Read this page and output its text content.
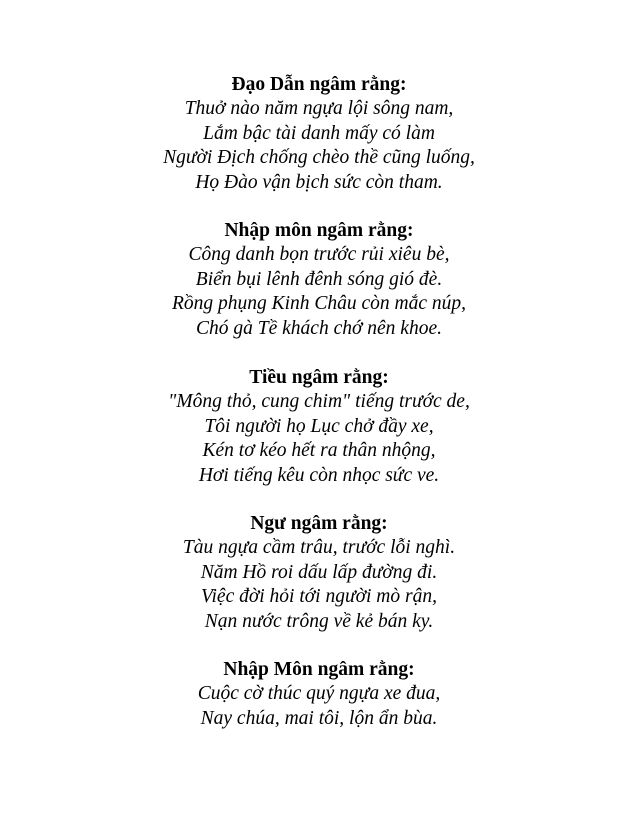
Đạo Dẫn ngâm rằng:

Thuở nào năm ngựa lội sông nam,

Lắm bậc tài danh mấy có làm

Người Địch chống chèo thề cũng luống,

Họ Đào vận bịch sức còn tham.

Nhập môn ngâm rằng:

Công danh bọn trước rủi xiêu bè,

Biển bụi lênh đênh sóng gió đè.

Rồng phụng Kinh Châu còn mắc núp,

Chó gà Tề khách chớ nên khoe.

Tiều ngâm rằng:

"Mông thỏ, cung chim" tiếng trước de,

Tôi người họ Lục chở đầy xe,

Kén tơ kéo hết ra thân nhộng,

Hơi tiếng kêu còn nhọc sức ve.

Ngư ngâm rằng:

Tàu ngựa cầm trâu, trước lỗi nghì.

Năm Hồ roi dấu lấp đường đi.

Việc đời hỏi tới người mò rận,

Nạn nước trông về kẻ bán ky.

Nhập Môn ngâm rằng:

Cuộc cờ thúc quý ngựa xe đua,

Nay chúa, mai tôi, lộn ẩn bùa.
